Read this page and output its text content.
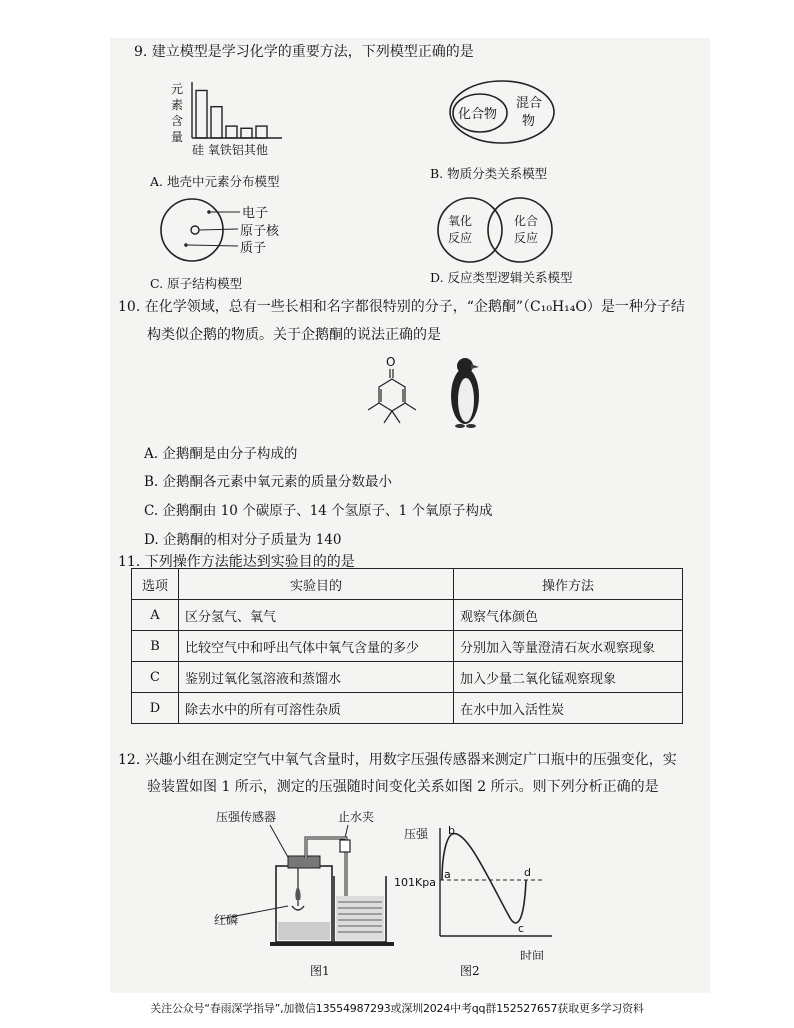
9. 建立模型是学习化学的重要方法，下列模型正确的是
元
素
含
量
硅 氧铁铝其他
A. 地壳中元素分布模型
化合物
混合
物
B. 物质分类关系模型
电子
原子核
质子
C. 原子结构模型
氧化
反应
化合
反应
D. 反应类型逻辑关系模型
10. 在化学领域，总有一些长相和名字都很特别的分子，“企鹅酮”（C₁₀H₁₄O）是一种分子结
构类似企鹅的物质。关于企鹅酮的说法正确的是
O
A. 企鹅酮是由分子构成的
B. 企鹅酮各元素中氧元素的质量分数最小
C. 企鹅酮由 10 个碳原子、14 个氢原子、1 个氧原子构成
D. 企鹅酮的相对分子质量为 140
11. 下列操作方法能达到实验目的的是
选项	实验目的	操作方法
A	区分氢气、氧气	观察气体颜色
B	比较空气中和呼出气体中氧气含量的多少	分别加入等量澄清石灰水观察现象
C	鉴别过氧化氢溶液和蒸馏水	加入少量二氧化锰观察现象
D	除去水中的所有可溶性杂质	在水中加入活性炭
12. 兴趣小组在测定空气中氧气含量时，用数字压强传感器来测定广口瓶中的压强变化，实
验装置如图 1 所示，测定的压强随时间变化关系如图 2 所示。则下列分析正确的是
压强传感器	止水夹
红磷
图1
压强
101Kpa
时间
a
b
c
d
图2
关注公众号“春雨深学指导”,加微信13554987293或深圳2024中考qq群152527657获取更多学习资料
